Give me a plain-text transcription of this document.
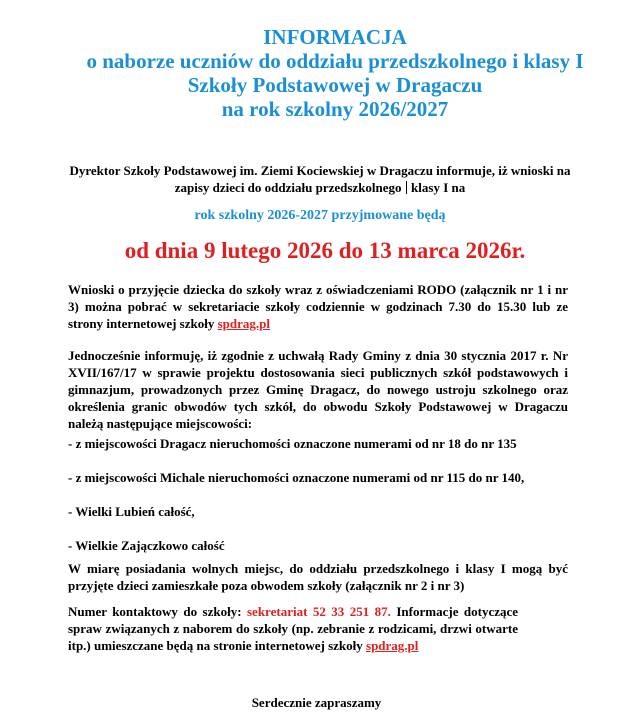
INFORMACJA
o naborze uczniów do oddziału przedszkolnego i klasy I
Szkoły Podstawowej w Dragaczu
na rok szkolny 2026/2027
Dyrektor Szkoły Podstawowej im. Ziemi Kociewskiej w Dragaczu informuje, iż wnioski na zapisy dzieci do oddziału przedszkolnego klasy I na
rok szkolny 2026-2027 przyjmowane będą
od dnia 9 lutego 2026 do 13 marca 2026r.
Wnioski o przyjęcie dziecka do szkoły wraz z oświadczeniami RODO (załącznik nr 1 i nr 3) można pobrać w sekretariacie szkoły codziennie w godzinach 7.30 do 15.30 lub ze strony internetowej szkoły spdrag.pl
Jednocześnie informuję, iż zgodnie z uchwałą Rady Gminy z dnia 30 stycznia 2017 r. Nr XVII/167/17 w sprawie projektu dostosowania sieci publicznych szkół podstawowych i gimnazjum, prowadzonych przez Gminę Dragacz, do nowego ustroju szkolnego oraz określenia granic obwodów tych szkół, do obwodu Szkoły Podstawowej w Dragaczu należą następujące miejscowości:
- z miejscowości Dragacz nieruchomości oznaczone numerami od nr 18 do nr 135
- z miejscowości Michale nieruchomości oznaczone numerami od nr 115 do nr 140,
- Wielki Lubień całość,
- Wielkie Zajączkowo całość
W miarę posiadania wolnych miejsc, do oddziału przedszkolnego i klasy I mogą być przyjęte dzieci zamieszkałe poza obwodem szkoły (załącznik nr 2 i nr 3)
Numer kontaktowy do szkoły: sekretariat 52 33 251 87. Informacje dotyczące spraw związanych z naborem do szkoły (np. zebranie z rodzicami, drzwi otwarte itp.) umieszczane będą na stronie internetowej szkoły spdrag.pl
Serdecznie zapraszamy
